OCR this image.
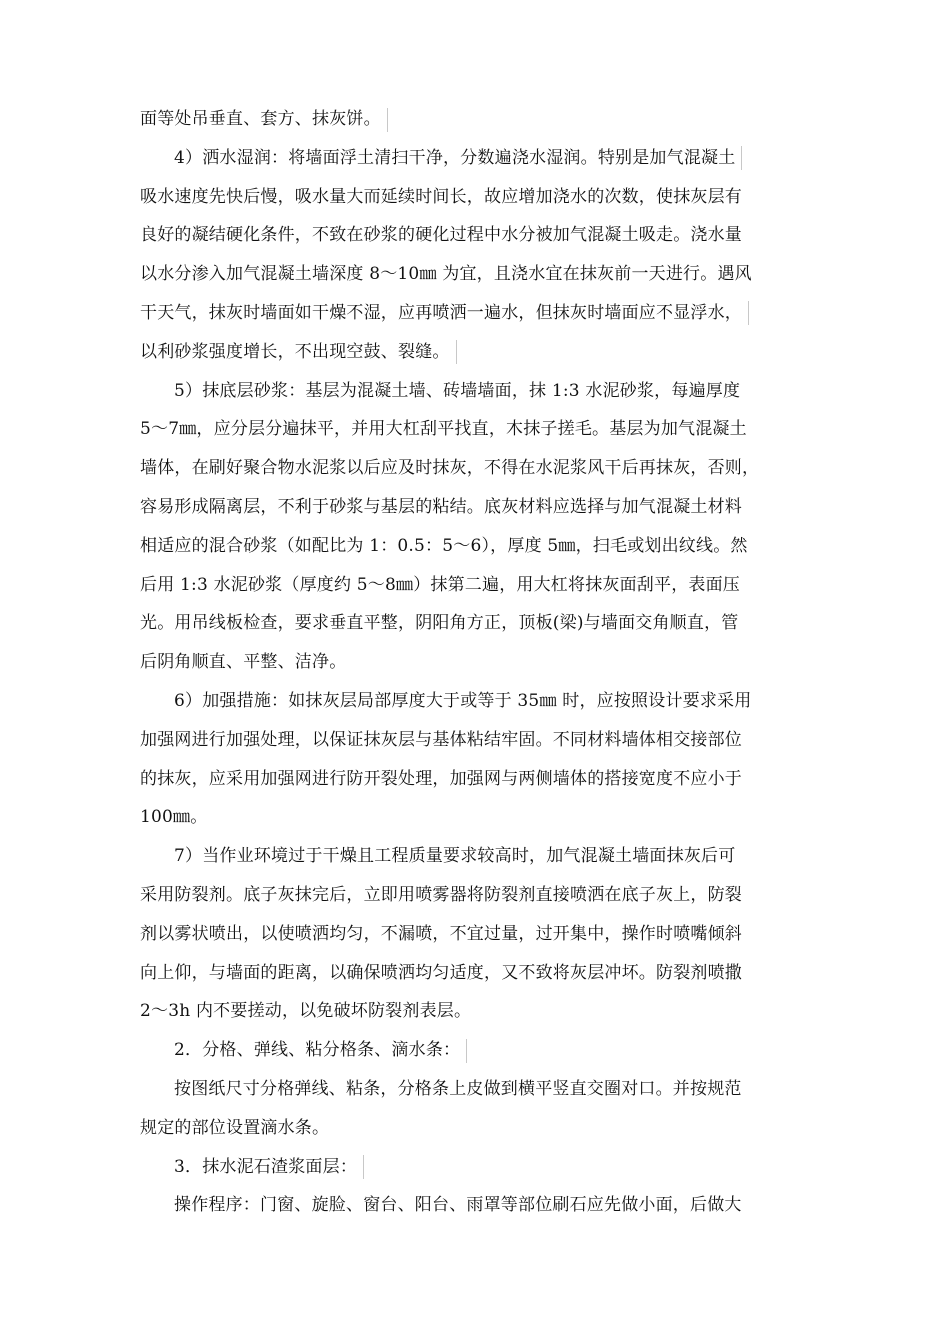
面等处吊垂直、套方、抹灰饼。
4）洒水湿润：将墙面浮土清扫干净，分数遍浇水湿润。特别是加气混凝土
吸水速度先快后慢，吸水量大而延续时间长，故应增加浇水的次数，使抹灰层有
良好的凝结硬化条件，不致在砂浆的硬化过程中水分被加气混凝土吸走。浇水量
以水分渗入加气混凝土墙深度 8～10㎜ 为宜，且浇水宜在抹灰前一天进行。遇风
干天气，抹灰时墙面如干燥不湿，应再喷洒一遍水，但抹灰时墙面应不显浮水，
以利砂浆强度增长，不出现空鼓、裂缝。
5）抹底层砂浆：基层为混凝土墙、砖墙墙面，抹 1:3 水泥砂浆，每遍厚度
5～7㎜，应分层分遍抹平，并用大杠刮平找直，木抹子搓毛。基层为加气混凝土
墙体，在刷好聚合物水泥浆以后应及时抹灰，不得在水泥浆风干后再抹灰，否则，
容易形成隔离层，不利于砂浆与基层的粘结。底灰材料应选择与加气混凝土材料
相适应的混合砂浆（如配比为 1：0.5：5～6），厚度 5㎜，扫毛或划出纹线。然
后用 1:3 水泥砂浆（厚度约 5～8㎜）抹第二遍，用大杠将抹灰面刮平，表面压
光。用吊线板检查，要求垂直平整，阴阳角方正，顶板(梁)与墙面交角顺直，管
后阴角顺直、平整、洁净。
6）加强措施：如抹灰层局部厚度大于或等于 35㎜ 时，应按照设计要求采用
加强网进行加强处理，以保证抹灰层与基体粘结牢固。不同材料墙体相交接部位
的抹灰，应采用加强网进行防开裂处理，加强网与两侧墙体的搭接宽度不应小于
100㎜。
7）当作业环境过于干燥且工程质量要求较高时，加气混凝土墙面抹灰后可
采用防裂剂。底子灰抹完后，立即用喷雾器将防裂剂直接喷洒在底子灰上，防裂
剂以雾状喷出，以使喷洒均匀，不漏喷，不宜过量，过开集中，操作时喷嘴倾斜
向上仰，与墙面的距离，以确保喷洒均匀适度，又不致将灰层冲坏。防裂剂喷撒
2～3h 内不要搓动，以免破坏防裂剂表层。
2．分格、弹线、粘分格条、滴水条：
按图纸尺寸分格弹线、粘条，分格条上皮做到横平竖直交圈对口。并按规范
规定的部位设置滴水条。
3．抹水泥石渣浆面层：
操作程序：门窗、旋脸、窗台、阳台、雨罩等部位刷石应先做小面，后做大
